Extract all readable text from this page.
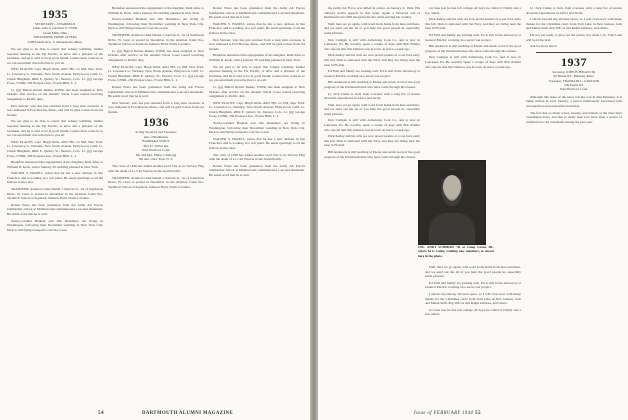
1935
SECRETARY—CHAIRMAN
Cmdr. John S. Gilchrist Jr. USNR
Green Mills, Ohio
TREASURER, HOME GIVERS
2498 Juanita Ave., S. Minneapolis, Minn.

We are glad to be able to report that Johnny Gilchrist, further reported missing in the Far Pacific, is alive and a prisoner of the Germans, and he is said to be in good health. Letters have come in so we can send them down the line to you all.

NEW PLACES: Capt. Hugh Wells, APO 780, c/o PM, New York. Lt. Lawrence G. Stickney, New North Avenue, Hollywood, Calif. Lt. Chuck Bingham, 4864 E. Quincy St., Denver, Colo. Lt. (jg) George Foote, USNR, 250 Prospect Ave., Forest Hills, L. I.

Lt. (jg) Burton Robert Dukes, USNR, has been assigned to New Orleans after service on the Atlantic Naval Coast Guard receiving assignment to Pacific duty.

Don Stewart, who has just returned from a long stint overseas, is now stationed at Fort Devens, Mass., and will be glad to hear from old friends.

We are glad to be able to report that Johnny Gilchrist, further reported missing in the Far Pacific, is alive and a prisoner of the Germans, and he is said to be in good health. Letters have come in so we can send them down the line to you all.

NEW PLACES: Capt. Hugh Wells, APO 780, c/o PM, New York. Lt. Lawrence G. Stickney, New North Avenue, Hollywood, Calif. Lt. Chuck Bingham, 4864 E. Quincy St., Denver, Colo. Lt. (jg) George Foote, USNR, 250 Prospect Ave., Forest Hills, L. I.

Breakfast announced the engagement of his daughter, Ruth John, to William R. Keck, with a January 29 wedding planned in New York.

WALTER S. HASELL writes that he has a new address in San Francisco and is working in a war plant. He sends greetings to all the fellows in the class.

TRANSFER: Aviation Cadet Daniel J. Kerwin Jr., 1st of Southwest Drive, W. Lunt, is posted in December in the Aviation Cadet Pre-Technical School at Seymour Johnson Field, North Carolina.

Robert Fears has been graduated from the Army Air Forces bombardier school at Midland and commissioned a second lieutenant. He sends word that he is well.

Newly-wedded Hannah and Jim Dunsmore are living in Washington, following their November wedding in New York City. Dick is still flying transports over the ocean.

Breakfast announced the engagement of his daughter, Ruth John, to William R. Keck, with a January 29 wedding planned in New York.

Newly-wedded Hannah and Jim Dunsmore are living in Washington, following their November wedding in New York City. Dick is still flying transports over the ocean.

TRANSFER: Aviation Cadet Daniel J. Kerwin Jr., 1st of Southwest Drive, W. Lunt, is posted in December in the Aviation Cadet Pre-Technical School at Seymour Johnson Field, North Carolina.

Lt. (jg) Burton Robert Dukes, USNR, has been assigned to New Orleans after service on the Atlantic Naval Coast Guard receiving assignment to Pacific duty.

NEW PLACES: Capt. Hugh Wells, APO 780, c/o PM, New York. Lt. Lawrence G. Stickney, New North Avenue, Hollywood, Calif. Lt. Chuck Bingham, 4864 E. Quincy St., Denver, Colo. Lt. (jg) George Foote, USNR, 250 Prospect Ave., Forest Hills, L. I.

Robert Fears has been graduated from the Army Air Forces bombardier school at Midland and commissioned a second lieutenant. He sends word that he is well.

Don Stewart, who has just returned from a long stint overseas, is now stationed at Fort Devens, Mass., and will be glad to hear from old friends.

1936
Acting Secretary and Treasurer,
plus a Headmaster
BARBARA STOUT
Box 47, Valley Rd.
West Hartford, Conn.
Mr. and Mrs. Philip J. Kellogg
5th Ave., New York, N. Y.

The class of 1936 has added another Gold Star to its Service Flag with the death of Lt. Carl Weaver in the South Pacific.

TRANSFER: Aviation Cadet Daniel J. Kerwin Jr., 1st of Southwest Drive, W. Lunt, is posted in December in the Aviation Cadet Pre-Technical School at Seymour Johnson Field, North Carolina.

Robert Fears has been graduated from the Army Air Forces bombardier school at Midland and commissioned a second lieutenant. He sends word that he is well.

WALTER S. HASELL writes that he has a new address in San Francisco and is working in a war plant. He sends greetings to all the fellows in the class.

Don Stewart, who has just returned from a long stint overseas, is now stationed at Fort Devens, Mass., and will be glad to hear from old friends.

Breakfast announced the engagement of his daughter, Ruth John, to William R. Keck, with a January 29 wedding planned in New York.

We are glad to be able to report that Johnny Gilchrist, further reported missing in the Far Pacific, is alive and a prisoner of the Germans, and he is said to be in good health. Letters have come in so we can send them down the line to you all.

Lt. (jg) Burton Robert Dukes, USNR, has been assigned to New Orleans after service on the Atlantic Naval Coast Guard receiving assignment to Pacific duty.

NEW PLACES: Capt. Hugh Wells, APO 780, c/o PM, New York. Lt. Lawrence G. Stickney, New North Avenue, Hollywood, Calif. Lt. Chuck Bingham, 4864 E. Quincy St., Denver, Colo. Lt. (jg) George Foote, USNR, 250 Prospect Ave., Forest Hills, L. I.

Newly-wedded Hannah and Jim Dunsmore are living in Washington, following their November wedding in New York City. Dick is still flying transports over the ocean.

WALTER S. HASELL writes that he has a new address in San Francisco and is working in a war plant. He sends greetings to all the fellows in the class.

The class of 1936 has added another Gold Star to its Service Flag with the death of Lt. Carl Weaver in the South Pacific.

Robert Fears has been graduated from the Army Air Forces bombardier school at Midland and commissioned a second lieutenant. He sends word that he is well.

54	DARTMOUTH ALUMNI MAGAZINE

the Army Air Force was killed in action on January 4, 1944. His obituary notice appears in this issue. Again a bereaved son of Dartmouth and 1936 has given his life while serving his country.

Well, here we go again, with word from home from here and there, and we send out the all of you help the good people in, especially some pictures.

Don Cadigan is still with Armstrong Cork Co. and is now in Lancaster, Pa. He recently spent a couple of days with Bob Palmer who reports that Jim Johnson was in town on leave a week ago.

Dick Kelley and his wife are now proud parents of a son born early this fall. Dick is stationed with the Navy and they are living near the base in Florida.

Ed Wall and family are looking well. Ed is still in the laboratory at General Electric working on a secret war project.

Bill Anderson is still teaching at Exeter and sends word of the good progress of the Dartmouth men who have come through his classes.

Lt. Jack Clarke is back from overseas with a long list of stories about his experiences in Africa and Sicily.

Well, here we go again, with word from home from here and there, and we send out the all of you help the good people in, especially some pictures.

Don Cadigan is still with Armstrong Cork Co. and is now in Lancaster, Pa. He recently spent a couple of days with Bob Palmer who reports that Jim Johnson was in town on leave a week ago.

Dick Kelley and his wife are now proud parents of a son born early this fall. Dick is stationed with the Navy and they are living near the base in Florida.

Bill Anderson is still teaching at Exeter and sends word of the good progress of the Dartmouth men who have come through his classes.

ice base last he has left college all boys he called it Trinity and a few others.

Dick Kelley and his wife are now proud parents of a son born early this fall. Dick is stationed with the Navy and they are living near the base in Florida.

Ed Wall and family are looking well. Ed is still in the laboratory at General Electric working on a secret war project.

Bill Anderson is still teaching at Exeter and sends word of the good progress of the Dartmouth men who have come through his classes.

Don Cadigan is still with Armstrong Cork Co. and is now in Lancaster, Pa. He recently spent a couple of days with Bob Palmer who reports that Jim Johnson was in town on leave a week ago.

Well, here we go again, with word from home from here and there, and we send out the all of you help the good people in, especially some pictures.

Ed Wall and family are looking well. Ed is still in the laboratory at General Electric working on a secret war project.

I am far beyond my allowed space, so I will close now with many thanks for the Christmas cards from Tom Lake in New Guinea, Jack and Mabel Sells, Peg Wilcox and Ralph Gilmore, and others.

ice base last he has left college all boys he called it Trinity and a few others.

Lt. Jack Clarke is back from overseas with a long list of stories about his experiences in Africa and Sicily.

I am far beyond my allowed space, so I will close now with many thanks for the Christmas cards from Tom Lake in New Guinea, Jack and Mabel Sells, Peg Wilcox and Ralph Gilmore, and others.

I'm not yet ready to give out the prizes, but when I do, Tom Lake will be in the lead.

Ask for more news!

1937
Secretary, JOHN B. BEGUN JR.
90 Baxter Rd., Belmont, Mass.
Treasurer, FRANKLIN L. CARLSON
Old Farms Rd.
West Hartford, Conn.

Although this issue of the news reaches you in mid-February, it is being written in early January, a period traditionally associated with retrospection and purposeful resolution.

The fact that so many wives, parents, and friends of the class have contributed news, and that so many men now have been a source of satisfaction to all classmates during the past year.

Issue of FEBRUARY 1944 55
CPL. ANDY SCHMIDT '36 at Camp Grant, III., where he is Cadre, training new members, as shown here in the photo.
